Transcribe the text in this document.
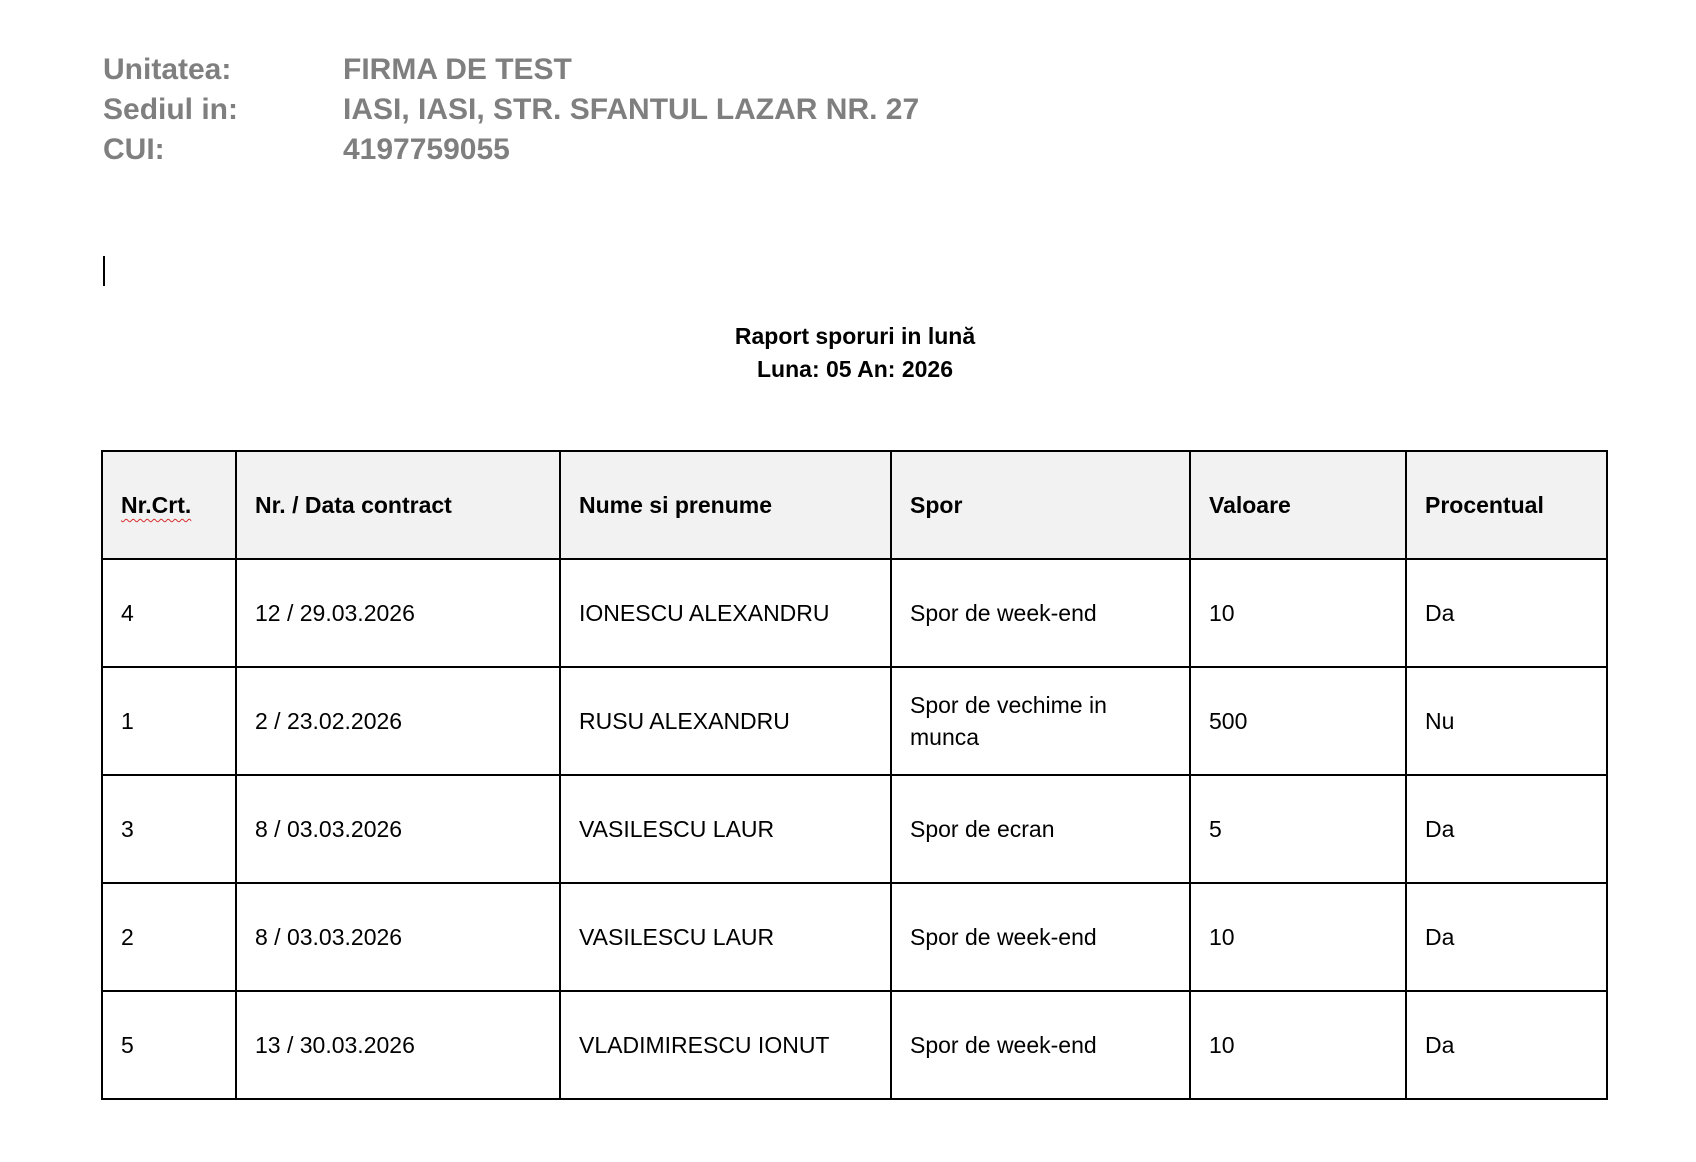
Unitatea:	FIRMA DE TEST
Sediul in:	IASI, IASI, STR. SFANTUL LAZAR NR. 27
CUI:	4197759055
Raport sporuri in lună
Luna: 05 An: 2026
Nr.Crt.	Nr. / Data contract	Nume si prenume	Spor	Valoare	Procentual
4	12 / 29.03.2026	IONESCU ALEXANDRU	Spor de week-end	10	Da
1	2 / 23.02.2026	RUSU ALEXANDRU	Spor de vechime in munca	500	Nu
3	8 / 03.03.2026	VASILESCU LAUR	Spor de ecran	5	Da
2	8 / 03.03.2026	VASILESCU LAUR	Spor de week-end	10	Da
5	13 / 30.03.2026	VLADIMIRESCU IONUT	Spor de week-end	10	Da
